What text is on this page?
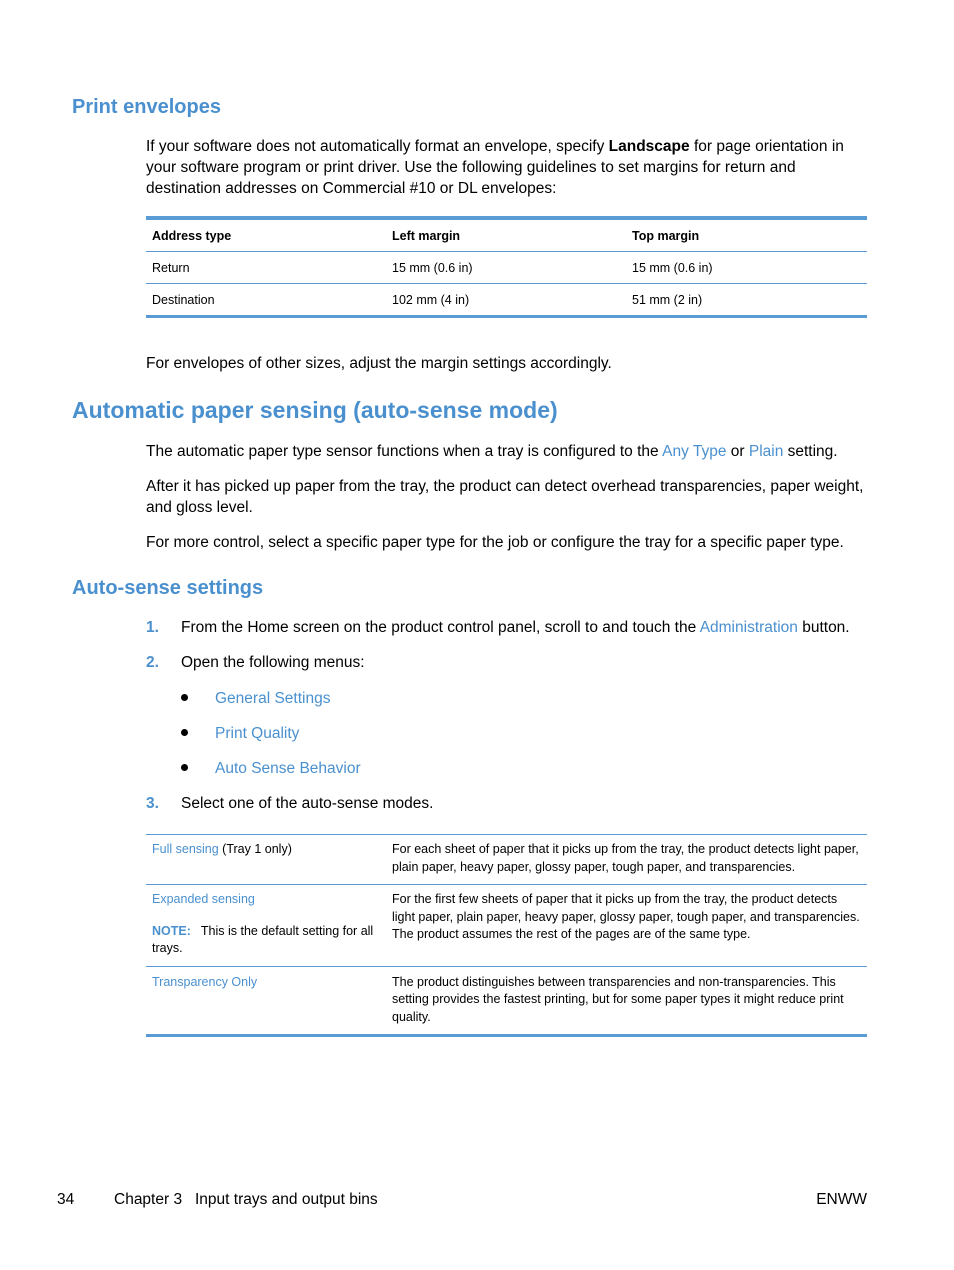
Print envelopes

If your software does not automatically format an envelope, specify Landscape for page orientation in your software program or print driver. Use the following guidelines to set margins for return and destination addresses on Commercial #10 or DL envelopes:

Address type	Left margin	Top margin
Return	15 mm (0.6 in)	15 mm (0.6 in)
Destination	102 mm (4 in)	51 mm (2 in)

For envelopes of other sizes, adjust the margin settings accordingly.

Automatic paper sensing (auto-sense mode)

The automatic paper type sensor functions when a tray is configured to the Any Type or Plain setting.

After it has picked up paper from the tray, the product can detect overhead transparencies, paper weight, and gloss level.

For more control, select a specific paper type for the job or configure the tray for a specific paper type.

Auto-sense settings
1. From the Home screen on the product control panel, scroll to and touch the Administration button.
2. Open the following menus:
General Settings
Print Quality
Auto Sense Behavior
3. Select one of the auto-sense modes.
Full sensing (Tray 1 only)	For each sheet of paper that it picks up from the tray, the product detects light paper, plain paper, heavy paper, glossy paper, tough paper, and transparencies.

Expanded sensing
NOTE: This is the default setting for all trays.	For the first few sheets of paper that it picks up from the tray, the product detects light paper, plain paper, heavy paper, glossy paper, tough paper, and transparencies. The product assumes the rest of the pages are of the same type.
Transparency Only	The product distinguishes between transparencies and non-transparencies. This setting provides the fastest printing, but for some paper types it might reduce print quality.
34	Chapter 3   Input trays and output bins	ENWW
